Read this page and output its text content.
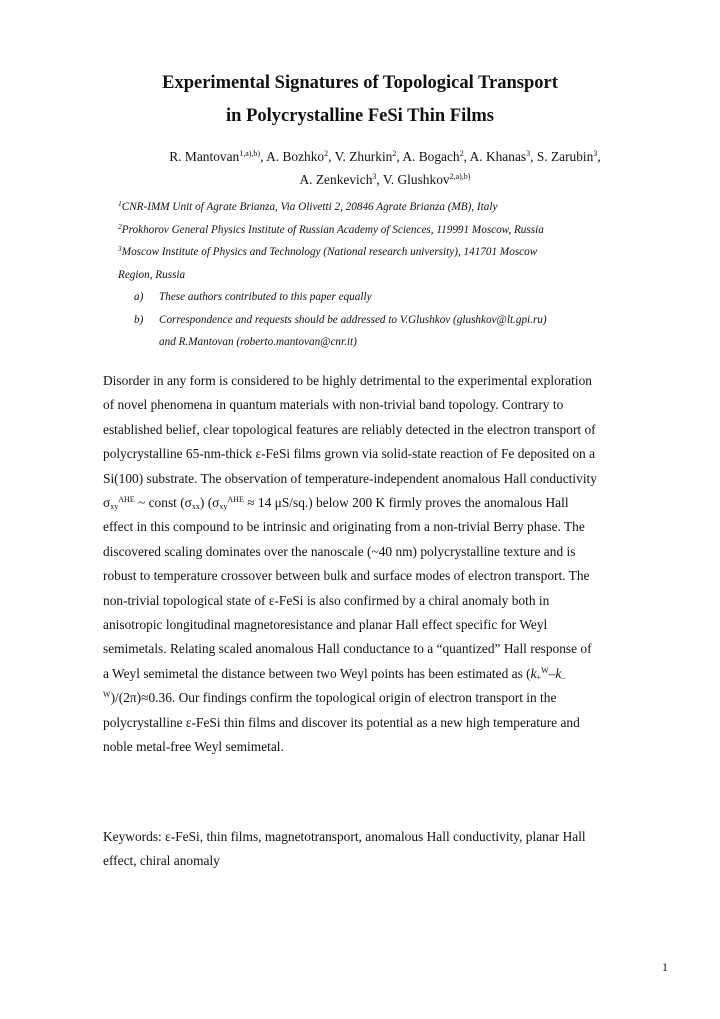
Experimental Signatures of Topological Transport
in Polycrystalline FeSi Thin Films
R. Mantovan$^{1,a),b)}$, A. Bozhko$^2$, V. Zhurkin$^2$, A. Bogach$^2$, A. Khanas$^3$, S. Zarubin$^3$,
A. Zenkevich$^3$, V. Glushkov$^{2,a),b)}$
$^1$CNR-IMM Unit of Agrate Brianza, Via Olivetti 2, 20846 Agrate Brianza (MB), Italy
$^2$Prokhorov General Physics Institute of Russian Academy of Sciences, 119991 Moscow, Russia
$^3$Moscow Institute of Physics and Technology (National research university), 141701 Moscow
Region, Russia
a)	These authors contributed to this paper equally
b)	Correspondence and requests should be addressed to V.Glushkov (glushkov@lt.gpi.ru)
and R.Mantovan (roberto.mantovan@cnr.it)
Disorder in any form is considered to be highly detrimental to the experimental exploration
of novel phenomena in quantum materials with non-trivial band topology. Contrary to
established belief, clear topological features are reliably detected in the electron transport of
polycrystalline 65-nm-thick ε-FeSi films grown via solid-state reaction of Fe deposited on a
Si(100) substrate. The observation of temperature-independent anomalous Hall conductivity
$\sigma_{xy}^{AHE}$ ~ const $(\sigma_{xx}) (\sigma_{xy}^{AHE} \approx 14$ μS/sq.) below 200 K firmly proves the anomalous Hall
effect in this compound to be intrinsic and originating from a non-trivial Berry phase. The
discovered scaling dominates over the nanoscale (~40 nm) polycrystalline texture and is
robust to temperature crossover between bulk and surface modes of electron transport. The
non-trivial topological state of ε-FeSi is also confirmed by a chiral anomaly both in
anisotropic longitudinal magnetoresistance and planar Hall effect specific for Weyl
semimetals. Relating scaled anomalous Hall conductance to a “quantized” Hall response of
a Weyl semimetal the distance between two Weyl points has been estimated as ($k_+^W-k_-$
$^W$)/(2π)≈0.36. Our findings confirm the topological origin of electron transport in the
polycrystalline ε-FeSi thin films and discover its potential as a new high temperature and
noble metal-free Weyl semimetal.
Keywords: ε-FeSi, thin films, magnetotransport, anomalous Hall conductivity, planar Hall
effect, chiral anomaly
1
